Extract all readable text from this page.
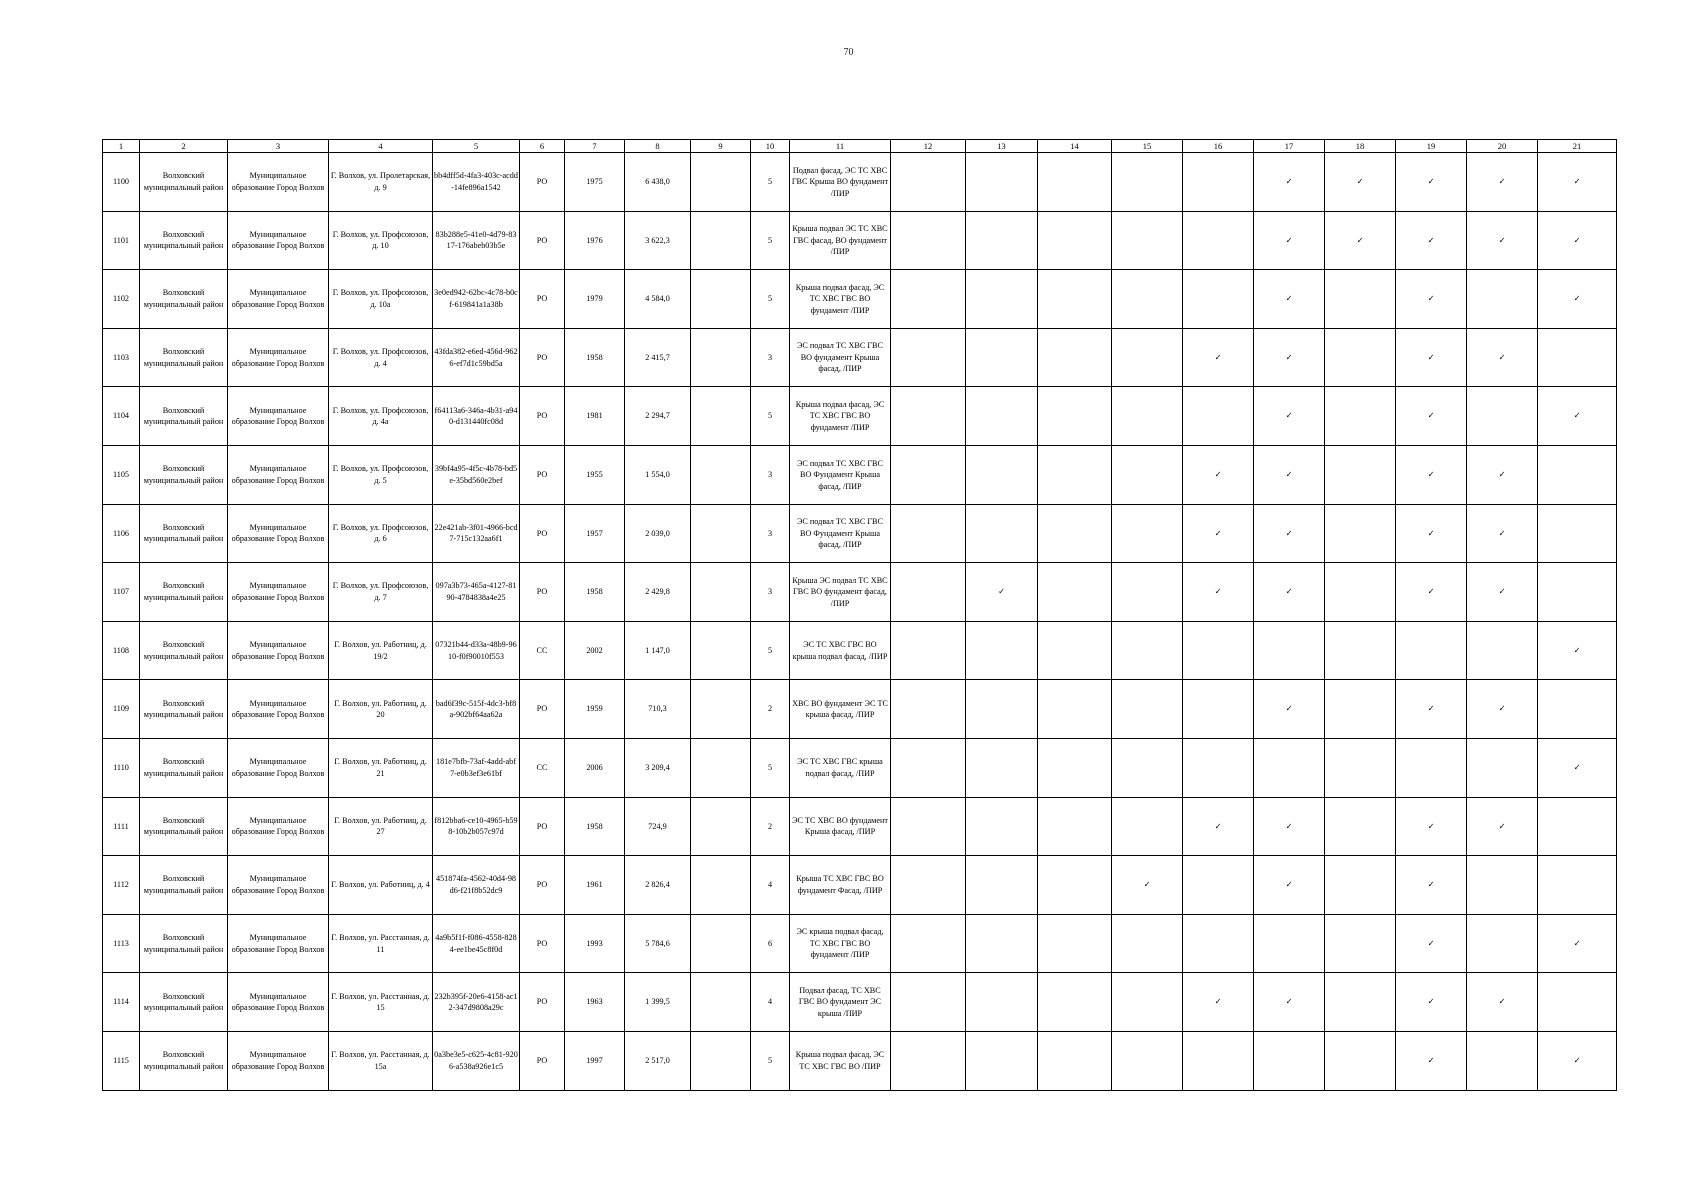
70
1	2	3	4	5	6	7	8	9	10	11	12	13	14	15	16	17	18	19	20	21
1100	Волховский муниципальный район	Муниципальное образование Город Волхов	Г. Волхов, ул. Пролетарская, д. 9	bb4dff5d-4fa3-403c-acdd-14fe896a1542	РО	1975	6 438,0		5	Подвал фасад, ЭС ТС ХВС ГВС Крыша ВО фундамент /ПИР						✓	✓	✓	✓	✓
1101	Волховский муниципальный район	Муниципальное образование Город Волхов	Г. Волхов, ул. Профсоюзов, д. 10	83b288e5-41e0-4d79-8317-176abeb03b5e	РО	1976	3 622,3		5	Крыша подвал ЭС ТС ХВС ГВС фасад, ВО фундамент /ПИР						✓	✓	✓	✓	✓
1102	Волховский муниципальный район	Муниципальное образование Город Волхов	Г. Волхов, ул. Профсоюзов, д. 10а	3e0ed942-62bc-4c78-b0cf-619841a1a38b	РО	1979	4 584,0		5	Крыша подвал фасад, ЭС ТС ХВС ГВС ВО фундамент /ПИР						✓		✓		✓
1103	Волховский муниципальный район	Муниципальное образование Город Волхов	Г. Волхов, ул. Профсоюзов, д. 4	43fda382-e6ed-456d-9626-ef7d1c59bd5a	РО	1958	2 415,7		3	ЭС подвал ТС ХВС ГВС ВО фундамент Крыша фасад, /ПИР					✓	✓		✓	✓	
1104	Волховский муниципальный район	Муниципальное образование Город Волхов	Г. Волхов, ул. Профсоюзов, д. 4а	f64113a6-346a-4b31-a940-d131440fc08d	РО	1981	2 294,7		5	Крыша подвал фасад, ЭС ТС ХВС ГВС ВО фундамент /ПИР						✓		✓		✓
1105	Волховский муниципальный район	Муниципальное образование Город Волхов	Г. Волхов, ул. Профсоюзов, д. 5	39bf4a95-4f5c-4b78-bd5e-35bd560e2bef	РО	1955	1 554,0		3	ЭС подвал ТС ХВС ГВС ВО Фундамент Крыша фасад, /ПИР					✓	✓		✓	✓	
1106	Волховский муниципальный район	Муниципальное образование Город Волхов	Г. Волхов, ул. Профсоюзов, д. 6	22e421ab-3f01-4966-bcd7-715c132aa6f1	РО	1957	2 039,0		3	ЭС подвал ТС ХВС ГВС ВО Фундамент Крыша фасад, /ПИР					✓	✓		✓	✓	
1107	Волховский муниципальный район	Муниципальное образование Город Волхов	Г. Волхов, ул. Профсоюзов, д. 7	097a3b73-465a-4127-8190-4784838a4e25	РО	1958	2 429,8		3	Крыша ЭС подвал ТС ХВС ГВС ВО фундамент фасад, /ПИР		✓			✓	✓		✓	✓	
1108	Волховский муниципальный район	Муниципальное образование Город Волхов	Г. Волхов, ул. Работниц, д. 19/2	07321b44-d33a-48b9-9610-f0f90010f553	СС	2002	1 147,0		5	ЭС ТС ХВС ГВС ВО крыша подвал фасад, /ПИР										✓
1109	Волховский муниципальный район	Муниципальное образование Город Волхов	Г. Волхов, ул. Работниц, д. 20	bad6f39c-515f-4dc3-bf8a-902bf64aa62a	РО	1959	710,3		2	ХВС ВО фундамент ЭС ТС крыша фасад, /ПИР						✓		✓	✓	
1110	Волховский муниципальный район	Муниципальное образование Город Волхов	Г. Волхов, ул. Работниц, д. 21	181e7bfb-73af-4add-abf7-e0b3ef3e61bf	СС	2006	3 209,4		5	ЭС ТС ХВС ГВС крыша подвал фасад, /ПИР										✓
1111	Волховский муниципальный район	Муниципальное образование Город Волхов	Г. Волхов, ул. Работниц, д. 27	f812bba6-ce10-4965-b598-10b2b057c97d	РО	1958	724,9		2	ЭС ТС ХВС ВО фундамент Крыша фасад, /ПИР					✓	✓		✓	✓	
1112	Волховский муниципальный район	Муниципальное образование Город Волхов	Г. Волхов, ул. Работниц, д. 4	451874fa-4562-40d4-98d6-f21f8b52dc9	РО	1961	2 826,4		4	Крыша ТС ХВС ГВС ВО фундамент Фасад, /ПИР				✓		✓		✓		
1113	Волховский муниципальный район	Муниципальное образование Город Волхов	Г. Волхов, ул. Расстанная, д. 11	4a9b5f1f-f086-4558-8284-ee1be45c8f0d	РО	1993	5 784,6		6	ЭС крыша подвал фасад, ТС ХВС ГВС ВО фундамент /ПИР								✓		✓
1114	Волховский муниципальный район	Муниципальное образование Город Волхов	Г. Волхов, ул. Расстанная, д. 15	232b395f-20e6-4158-ac12-347d9808a29c	РО	1963	1 399,5		4	Подвал фасад, ТС ХВС ГВС ВО фундамент ЭС крыша /ПИР					✓	✓		✓	✓	
1115	Волховский муниципальный район	Муниципальное образование Город Волхов	Г. Волхов, ул. Расстанная, д. 15а	0a3be3e5-c625-4c81-9206-a538a926e1c5	РО	1997	2 517,0		5	Крыша подвал фасад, ЭС ТС ХВС ГВС ВО /ПИР								✓		✓
